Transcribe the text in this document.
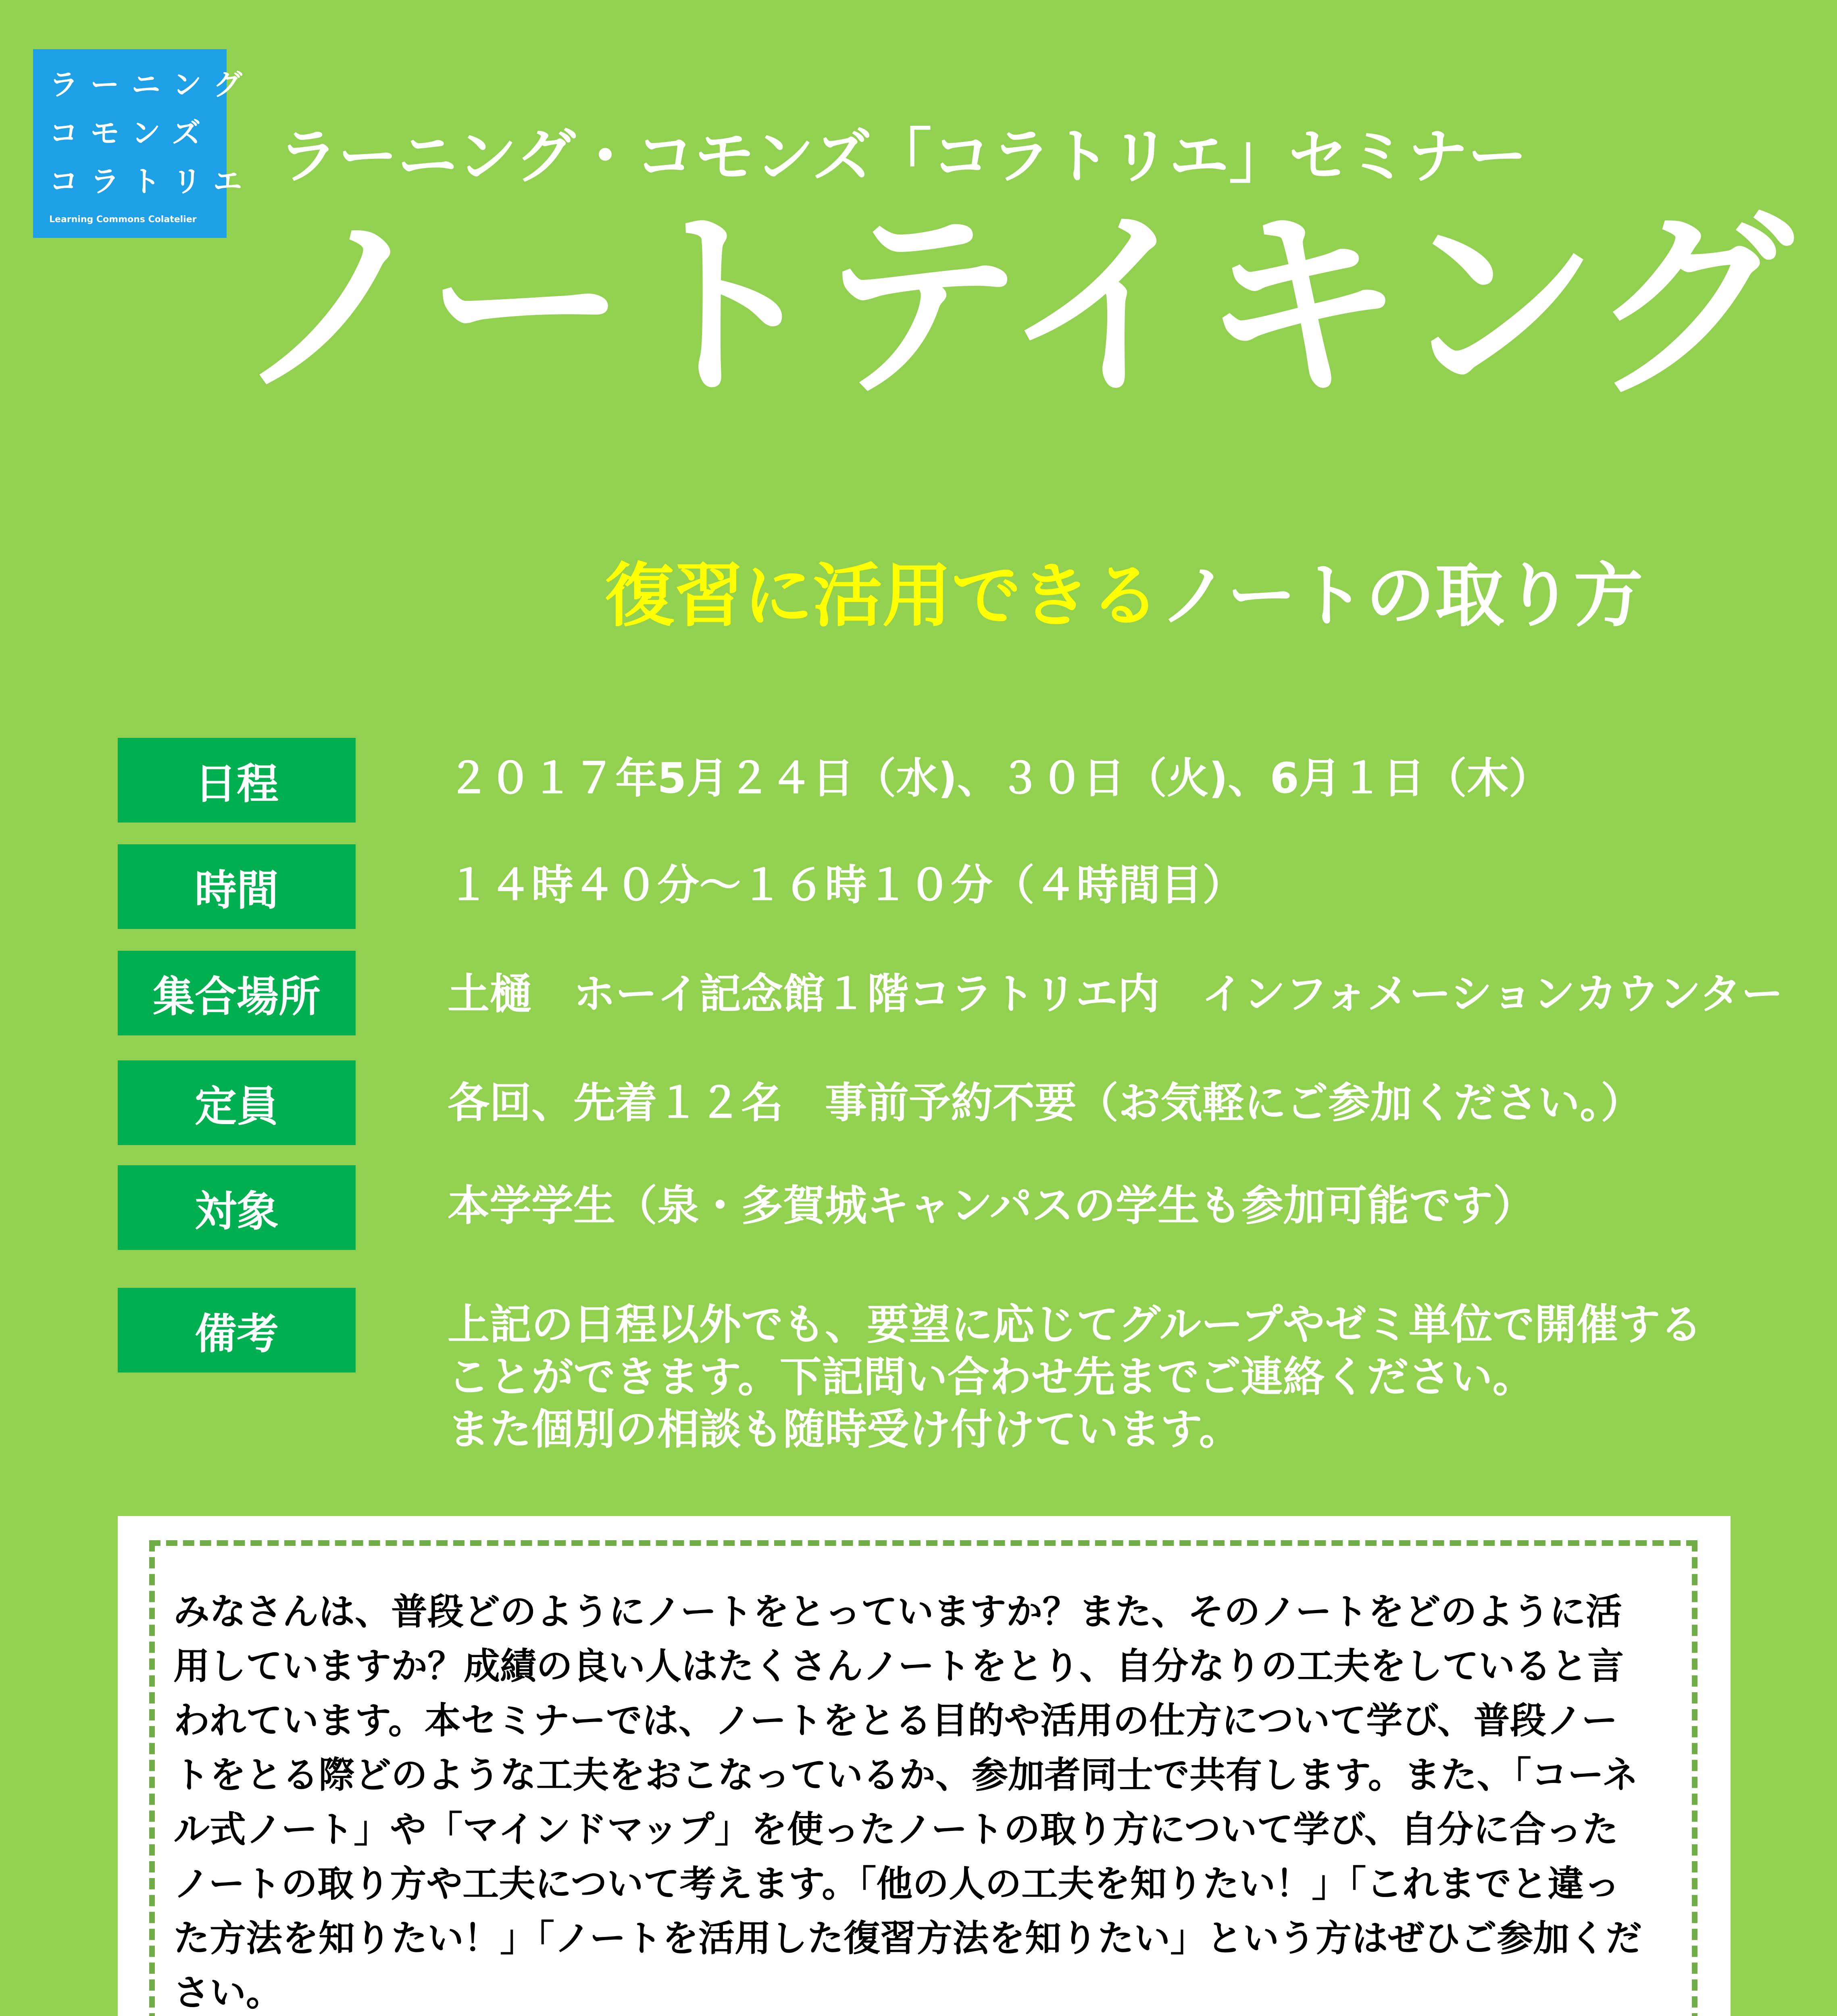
ラーニング
コモンズ
コラトリエ
Learning Commons Colatelier
ラーニング・コモンズ「コラトリエ」セミナー
ノートテイキング
復習に活用できるノートの取り方
日程	２０１７年5月２４日（水)、３０日（火)、6月１日（木）
時間	１４時４０分～１６時１０分（４時間目）
集合場所	土樋　ホーイ記念館１階コラトリエ内　インフォメーションカウンター
定員	各回、先着１２名　事前予約不要（お気軽にご参加ください。）
対象	本学学生（泉・多賀城キャンパスの学生も参加可能です）
備考	上記の日程以外でも、要望に応じてグループやゼミ単位で開催する
ことができます。下記問い合わせ先までご連絡ください。
また個別の相談も随時受け付けています。
みなさんは、普段どのようにノートをとっていますか？また、そのノートをどのように活
用していますか？成績の良い人はたくさんノートをとり、自分なりの工夫をしていると言
われています。本セミナーでは、ノートをとる目的や活用の仕方について学び、普段ノー
トをとる際どのような工夫をおこなっているか、参加者同士で共有します。また、「コーネ
ル式ノート」や「マインドマップ」を使ったノートの取り方について学び、自分に合った
ノートの取り方や工夫について考えます。「他の人の工夫を知りたい！」「これまでと違っ
た方法を知りたい！」「ノートを活用した復習方法を知りたい」という方はぜひご参加くだ
さい。
